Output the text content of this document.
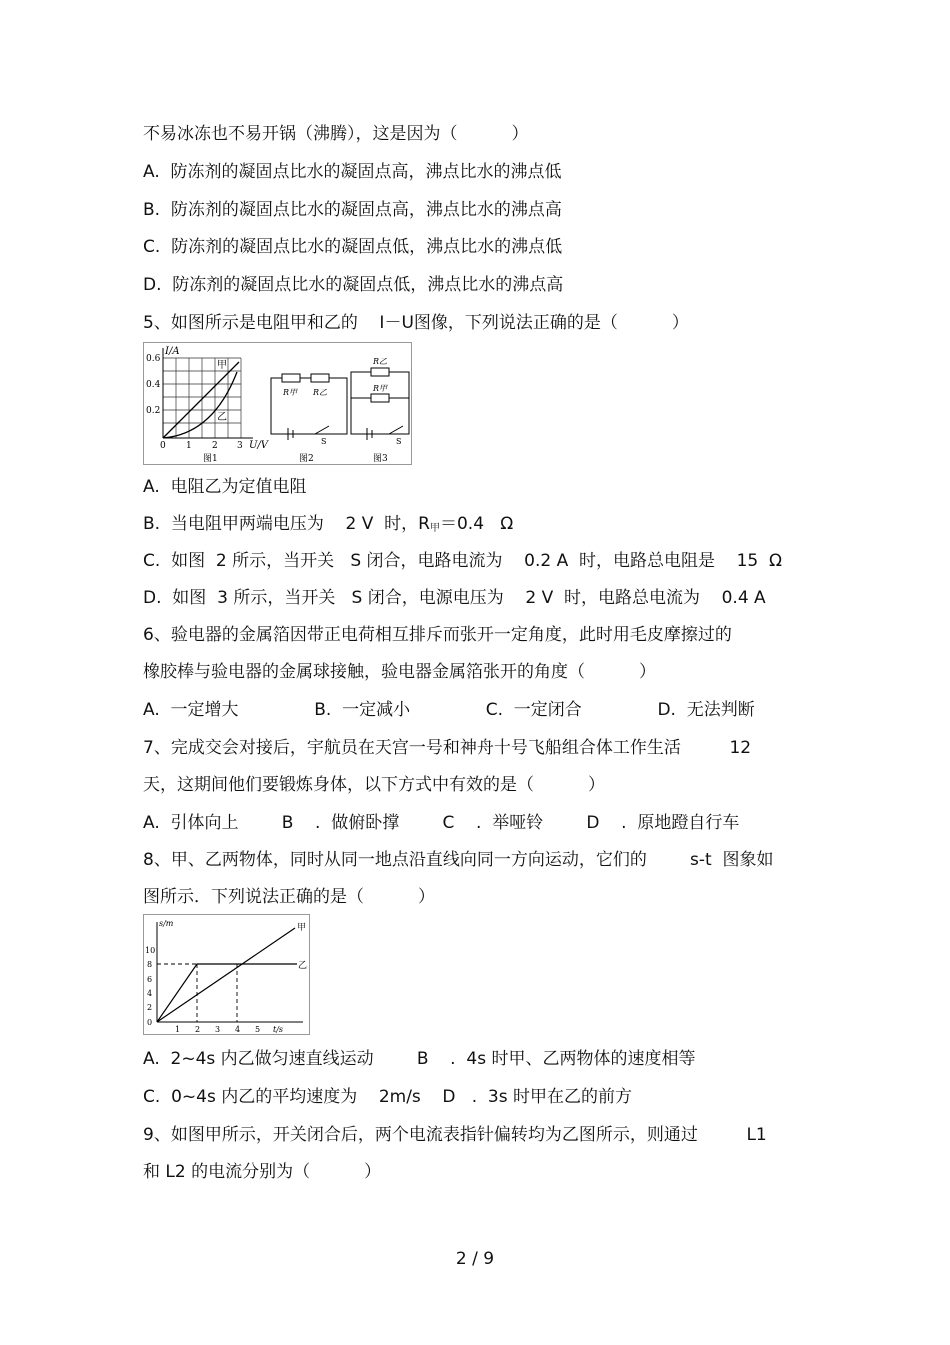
不易冰冻也不易开锅（沸腾），这是因为（          ）
A.  防冻剂的凝固点比水的凝固点高，沸点比水的沸点低
B.  防冻剂的凝固点比水的凝固点高，沸点比水的沸点高
C.  防冻剂的凝固点比水的凝固点低，沸点比水的沸点低
D.  防冻剂的凝固点比水的凝固点低，沸点比水的沸点高
5、如图所示是电阻甲和乙的    I－U图像，下列说法正确的是（          ）
I/A
0.6
0.4
0.2
0 1 2 3 U/V
甲
乙
图1
R甲 R乙
S
图2
R乙
R甲
S
图3
A.  电阻乙为定值电阻
B.  当电阻甲两端电压为    2 V  时，$R_甲=0.4$   Ω
C.  如图  2 所示，当开关   S 闭合，电路电流为    0.2 A  时，电路总电阻是    15  Ω
D.  如图  3 所示，当开关   S 闭合，电源电压为    2 V  时，电路总电流为    0.4 A
6、验电器的金属箔因带正电荷相互排斥而张开一定角度，此时用毛皮摩擦过的
橡胶棒与验电器的金属球接触，验电器金属箔张开的角度（          ）
A.  一定增大              B.  一定减小              C.  一定闭合              D.  无法判断
7、完成交会对接后，宇航员在天宫一号和神舟十号飞船组合体工作生活         12
天，这期间他们要锻炼身体，以下方式中有效的是（          ）
A.  引体向上        B    .  做俯卧撑        C    .  举哑铃        D    .  原地蹬自行车
8、甲、乙两物体，同时从同一地点沿直线向同一方向运动，它们的        s-t  图象如
图所示．下列说法正确的是（          ）
s/m
10
8
6
4
2
0
1 2 3 4 5 t/s
甲
乙
A.  2~4s 内乙做匀速直线运动        B    .  4s 时甲、乙两物体的速度相等
C.  0~4s 内乙的平均速度为    2m/s    D   .  3s 时甲在乙的前方
9、如图甲所示，开关闭合后，两个电流表指针偏转均为乙图所示，则通过         L1
和 L2 的电流分别为（          ）
2 / 9
